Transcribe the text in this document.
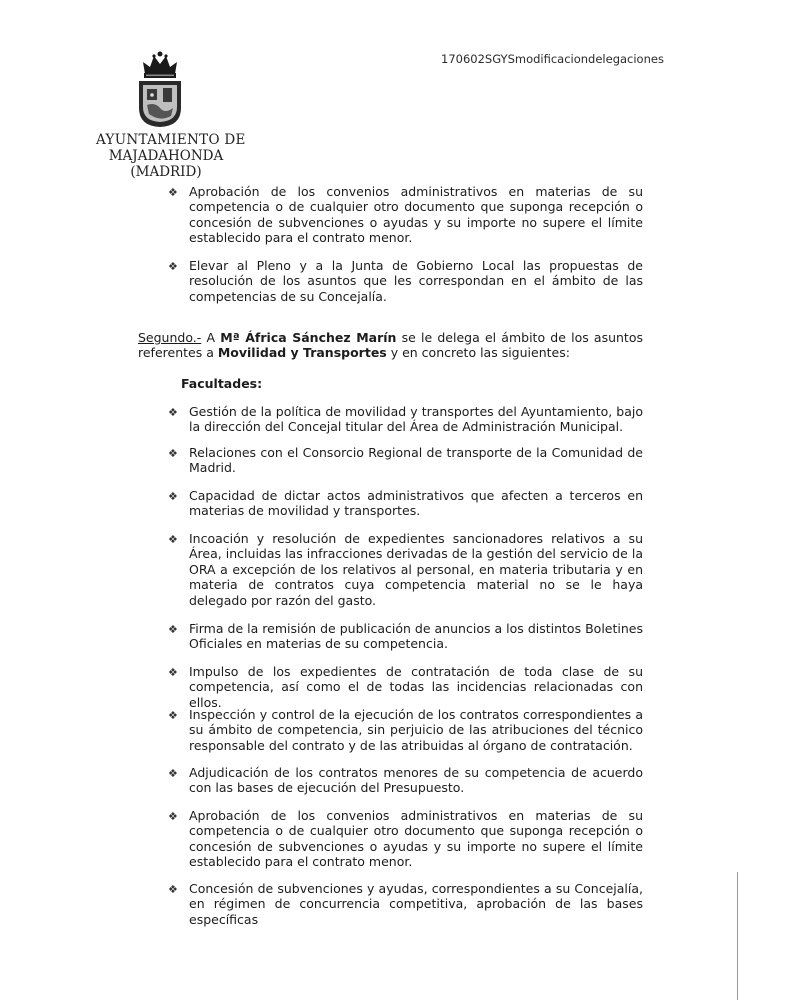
170602SGYSmodificaciondelegaciones
AYUNTAMIENTO DE
MAJADAHONDA
(MADRID)
❖ Aprobación de los convenios administrativos en materias de su competencia o de cualquier otro documento que suponga recepción o concesión de subvenciones o ayudas y su importe no supere el límite establecido para el contrato menor.
❖ Elevar al Pleno y a la Junta de Gobierno Local las propuestas de resolución de los asuntos que les correspondan en el ámbito de las competencias de su Concejalía.
Segundo.- A Mª África Sánchez Marín se le delega el ámbito de los asuntos referentes a Movilidad y Transportes y en concreto las siguientes:
Facultades:
❖ Gestión de la política de movilidad y transportes del Ayuntamiento, bajo la dirección del Concejal titular del Área de Administración Municipal.
❖ Relaciones con el Consorcio Regional de transporte de la Comunidad de Madrid.
❖ Capacidad de dictar actos administrativos que afecten a terceros en materias de movilidad y transportes.
❖ Incoación y resolución de expedientes sancionadores relativos a su Área, incluidas las infracciones derivadas de la gestión del servicio de la ORA a excepción de los relativos al personal, en materia tributaria y en materia de contratos cuya competencia material no se le haya delegado por razón del gasto.
❖ Firma de la remisión de publicación de anuncios a los distintos Boletines Oficiales en materias de su competencia.
❖ Impulso de los expedientes de contratación de toda clase de su competencia, así como el de todas las incidencias relacionadas con ellos.
❖ Inspección y control de la ejecución de los contratos correspondientes a su ámbito de competencia, sin perjuicio de las atribuciones del técnico responsable del contrato y de las atribuidas al órgano de contratación.
❖ Adjudicación de los contratos menores de su competencia de acuerdo con las bases de ejecución del Presupuesto.
❖ Aprobación de los convenios administrativos en materias de su competencia o de cualquier otro documento que suponga recepción o concesión de subvenciones o ayudas y su importe no supere el límite establecido para el contrato menor.
❖ Concesión de subvenciones y ayudas, correspondientes a su Concejalía, en régimen de concurrencia competitiva, aprobación de las bases específicas
